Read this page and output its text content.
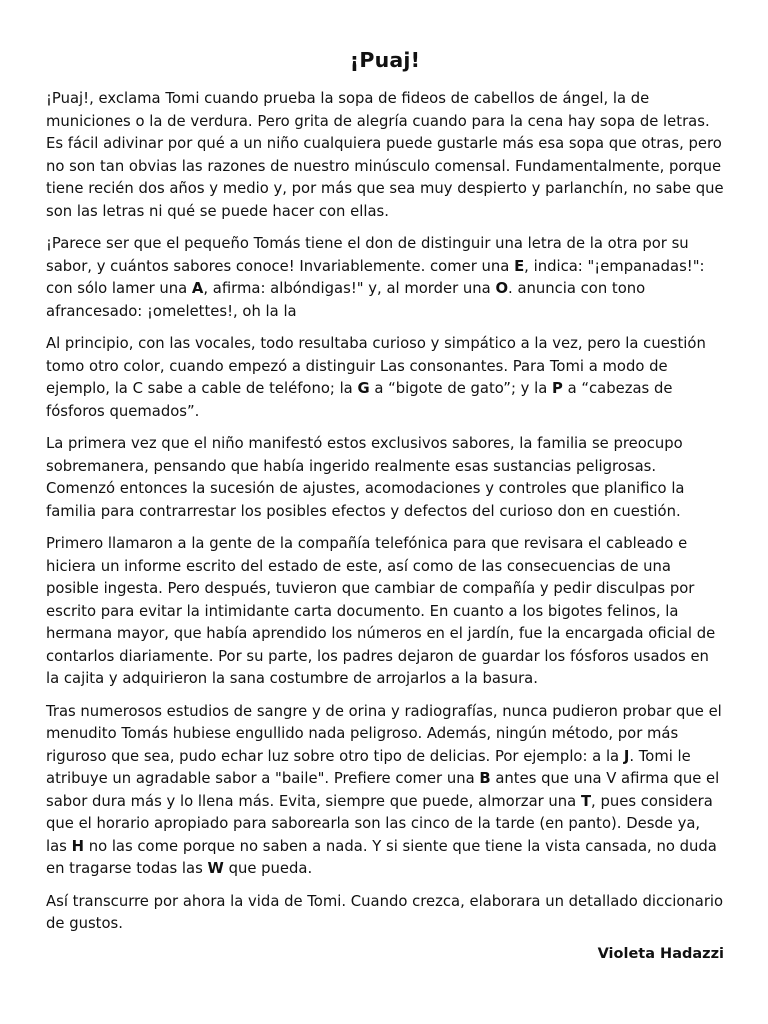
¡Puaj!

¡Puaj!, exclama Tomi cuando prueba la sopa de fideos de cabellos de ángel, la de municiones o la de verdura. Pero grita de alegría cuando para la cena hay sopa de letras. Es fácil adivinar por qué a un niño cualquiera puede gustarle más esa sopa que otras, pero no son tan obvias las razones de nuestro minúsculo comensal. Fundamentalmente, porque tiene recién dos años y medio y, por más que sea muy despierto y parlanchín, no sabe que son las letras ni qué se puede hacer con ellas.

¡Parece ser que el pequeño Tomás tiene el don de distinguir una letra de la otra por su sabor, y cuántos sabores conoce! Invariablemente. comer una E, indica: "¡empanadas!": con sólo lamer una A, afirma: albóndigas!" y, al morder una O. anuncia con tono afrancesado: ¡omelettes!, oh la la

Al principio, con las vocales, todo resultaba curioso y simpático a la vez, pero la cuestión tomo otro color, cuando empezó a distinguir Las consonantes. Para Tomi a modo de ejemplo, la C sabe a cable de teléfono; la G a “bigote de gato”; y la P a “cabezas de fósforos quemados”.

La primera vez que el niño manifestó estos exclusivos sabores, la familia se preocupo sobremanera, pensando que había ingerido realmente esas sustancias peligrosas. Comenzó entonces la sucesión de ajustes, acomodaciones y controles que planifico la familia para contrarrestar los posibles efectos y defectos del curioso don en cuestión.

Primero llamaron a la gente de la compañía telefónica para que revisara el cableado e hiciera un informe escrito del estado de este, así como de las consecuencias de una posible ingesta. Pero después, tuvieron que cambiar de compañía y pedir disculpas por escrito para evitar la intimidante carta documento. En cuanto a los bigotes felinos, la hermana mayor, que había aprendido los números en el jardín, fue la encargada oficial de contarlos diariamente. Por su parte, los padres dejaron de guardar los fósforos usados en la cajita y adquirieron la sana costumbre de arrojarlos a la basura.

Tras numerosos estudios de sangre y de orina y radiografías, nunca pudieron probar que el menudito Tomás hubiese engullido nada peligroso. Además, ningún método, por más riguroso que sea, pudo echar luz sobre otro tipo de delicias. Por ejemplo: a la J. Tomi le atribuye un agradable sabor a "baile". Prefiere comer una B antes que una V afirma que el sabor dura más y lo llena más. Evita, siempre que puede, almorzar una T, pues considera que el horario apropiado para saborearla son las cinco de la tarde (en panto). Desde ya, las H no las come porque no saben a nada. Y si siente que tiene la vista cansada, no duda en tragarse todas las W que pueda.

Así transcurre por ahora la vida de Tomi. Cuando crezca, elaborara un detallado diccionario de gustos.

Violeta Hadazzi
